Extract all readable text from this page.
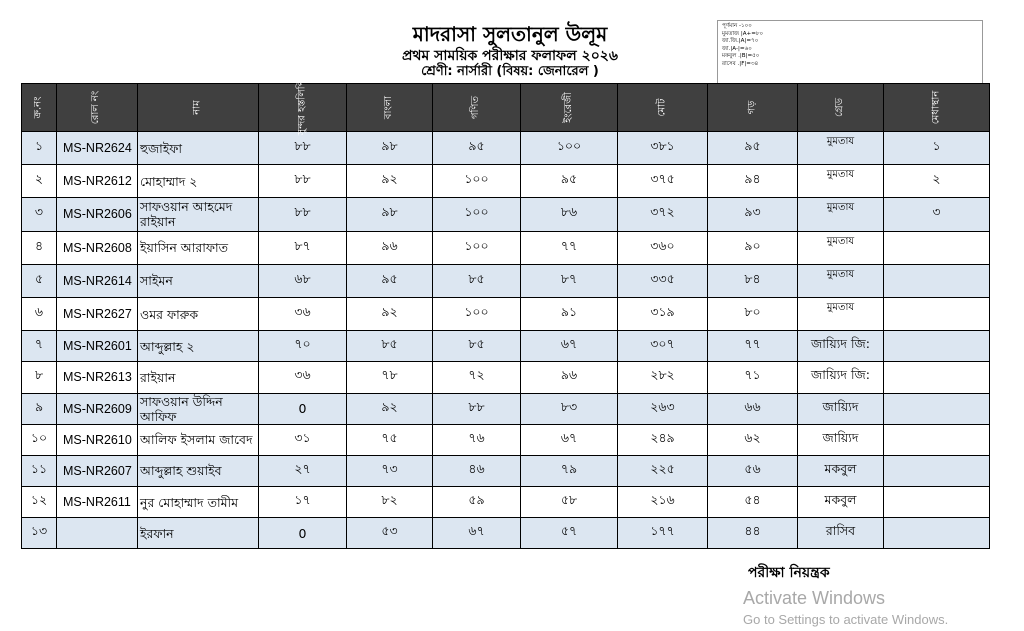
মাদরাসা সুলতানুল উলূম
প্রথম সাময়িক পরীক্ষার ফলাফল ২০২৬
শ্রেণী: নার্সারী (বিষয়: জেনারেল )
পূর্ণমান -১০০
মুমতাজ |A+=৮০
জা.জি.|A|=৭০
জা.|A-|=৬০
মকবুল .|B|=৫০
রাসেব .|F|=৩৪
ক্র.নং	রোল নং	নাম	সুন্দর হস্তলিপি	বাংলা	গণিত	ইংরেজী	মোট	গড়	গ্রেড	মেধাস্থান
১	MS-NR2624	হুজাইফা	৮৮	৯৮	৯৫	১০০	৩৮১	৯৫	মুমতায	১
২	MS-NR2612	মোহাম্মাদ ২	৮৮	৯২	১০০	৯৫	৩৭৫	৯৪	মুমতায	২
৩	MS-NR2606	সাফওয়ান আহমেদ রাইয়ান	৮৮	৯৮	১০০	৮৬	৩৭২	৯৩	মুমতায	৩
৪	MS-NR2608	ইয়াসিন আরাফাত	৮৭	৯৬	১০০	৭৭	৩৬০	৯০	মুমতায	
৫	MS-NR2614	সাইমন	৬৮	৯৫	৮৫	৮৭	৩৩৫	৮৪	মুমতায	
৬	MS-NR2627	ওমর ফারুক	৩৬	৯২	১০০	৯১	৩১৯	৮০	মুমতায	
৭	MS-NR2601	আব্দুল্লাহ ২	৭০	৮৫	৮৫	৬৭	৩০৭	৭৭	জায়্যিদ জি:	
৮	MS-NR2613	রাইয়ান	৩৬	৭৮	৭২	৯৬	২৮২	৭১	জায়্যিদ জি:	
৯	MS-NR2609	সাফওয়ান উদ্দিন আফিফ	0	৯২	৮৮	৮৩	২৬৩	৬৬	জায়্যিদ	
১০	MS-NR2610	আলিফ ইসলাম জাবেদ	৩১	৭৫	৭৬	৬৭	২৪৯	৬২	জায়্যিদ	
১১	MS-NR2607	আব্দুল্লাহ শুয়াইব	২৭	৭৩	৪৬	৭৯	২২৫	৫৬	মকবুল	
১২	MS-NR2611	নুর মোহাম্মাদ তামীম	১৭	৮২	৫৯	৫৮	২১৬	৫৪	মকবুল	
১৩		ইরফান	0	৫৩	৬৭	৫৭	১৭৭	৪৪	রাসিব	
পরীক্ষা নিয়ন্ত্রক
Activate Windows
Go to Settings to activate Windows.
